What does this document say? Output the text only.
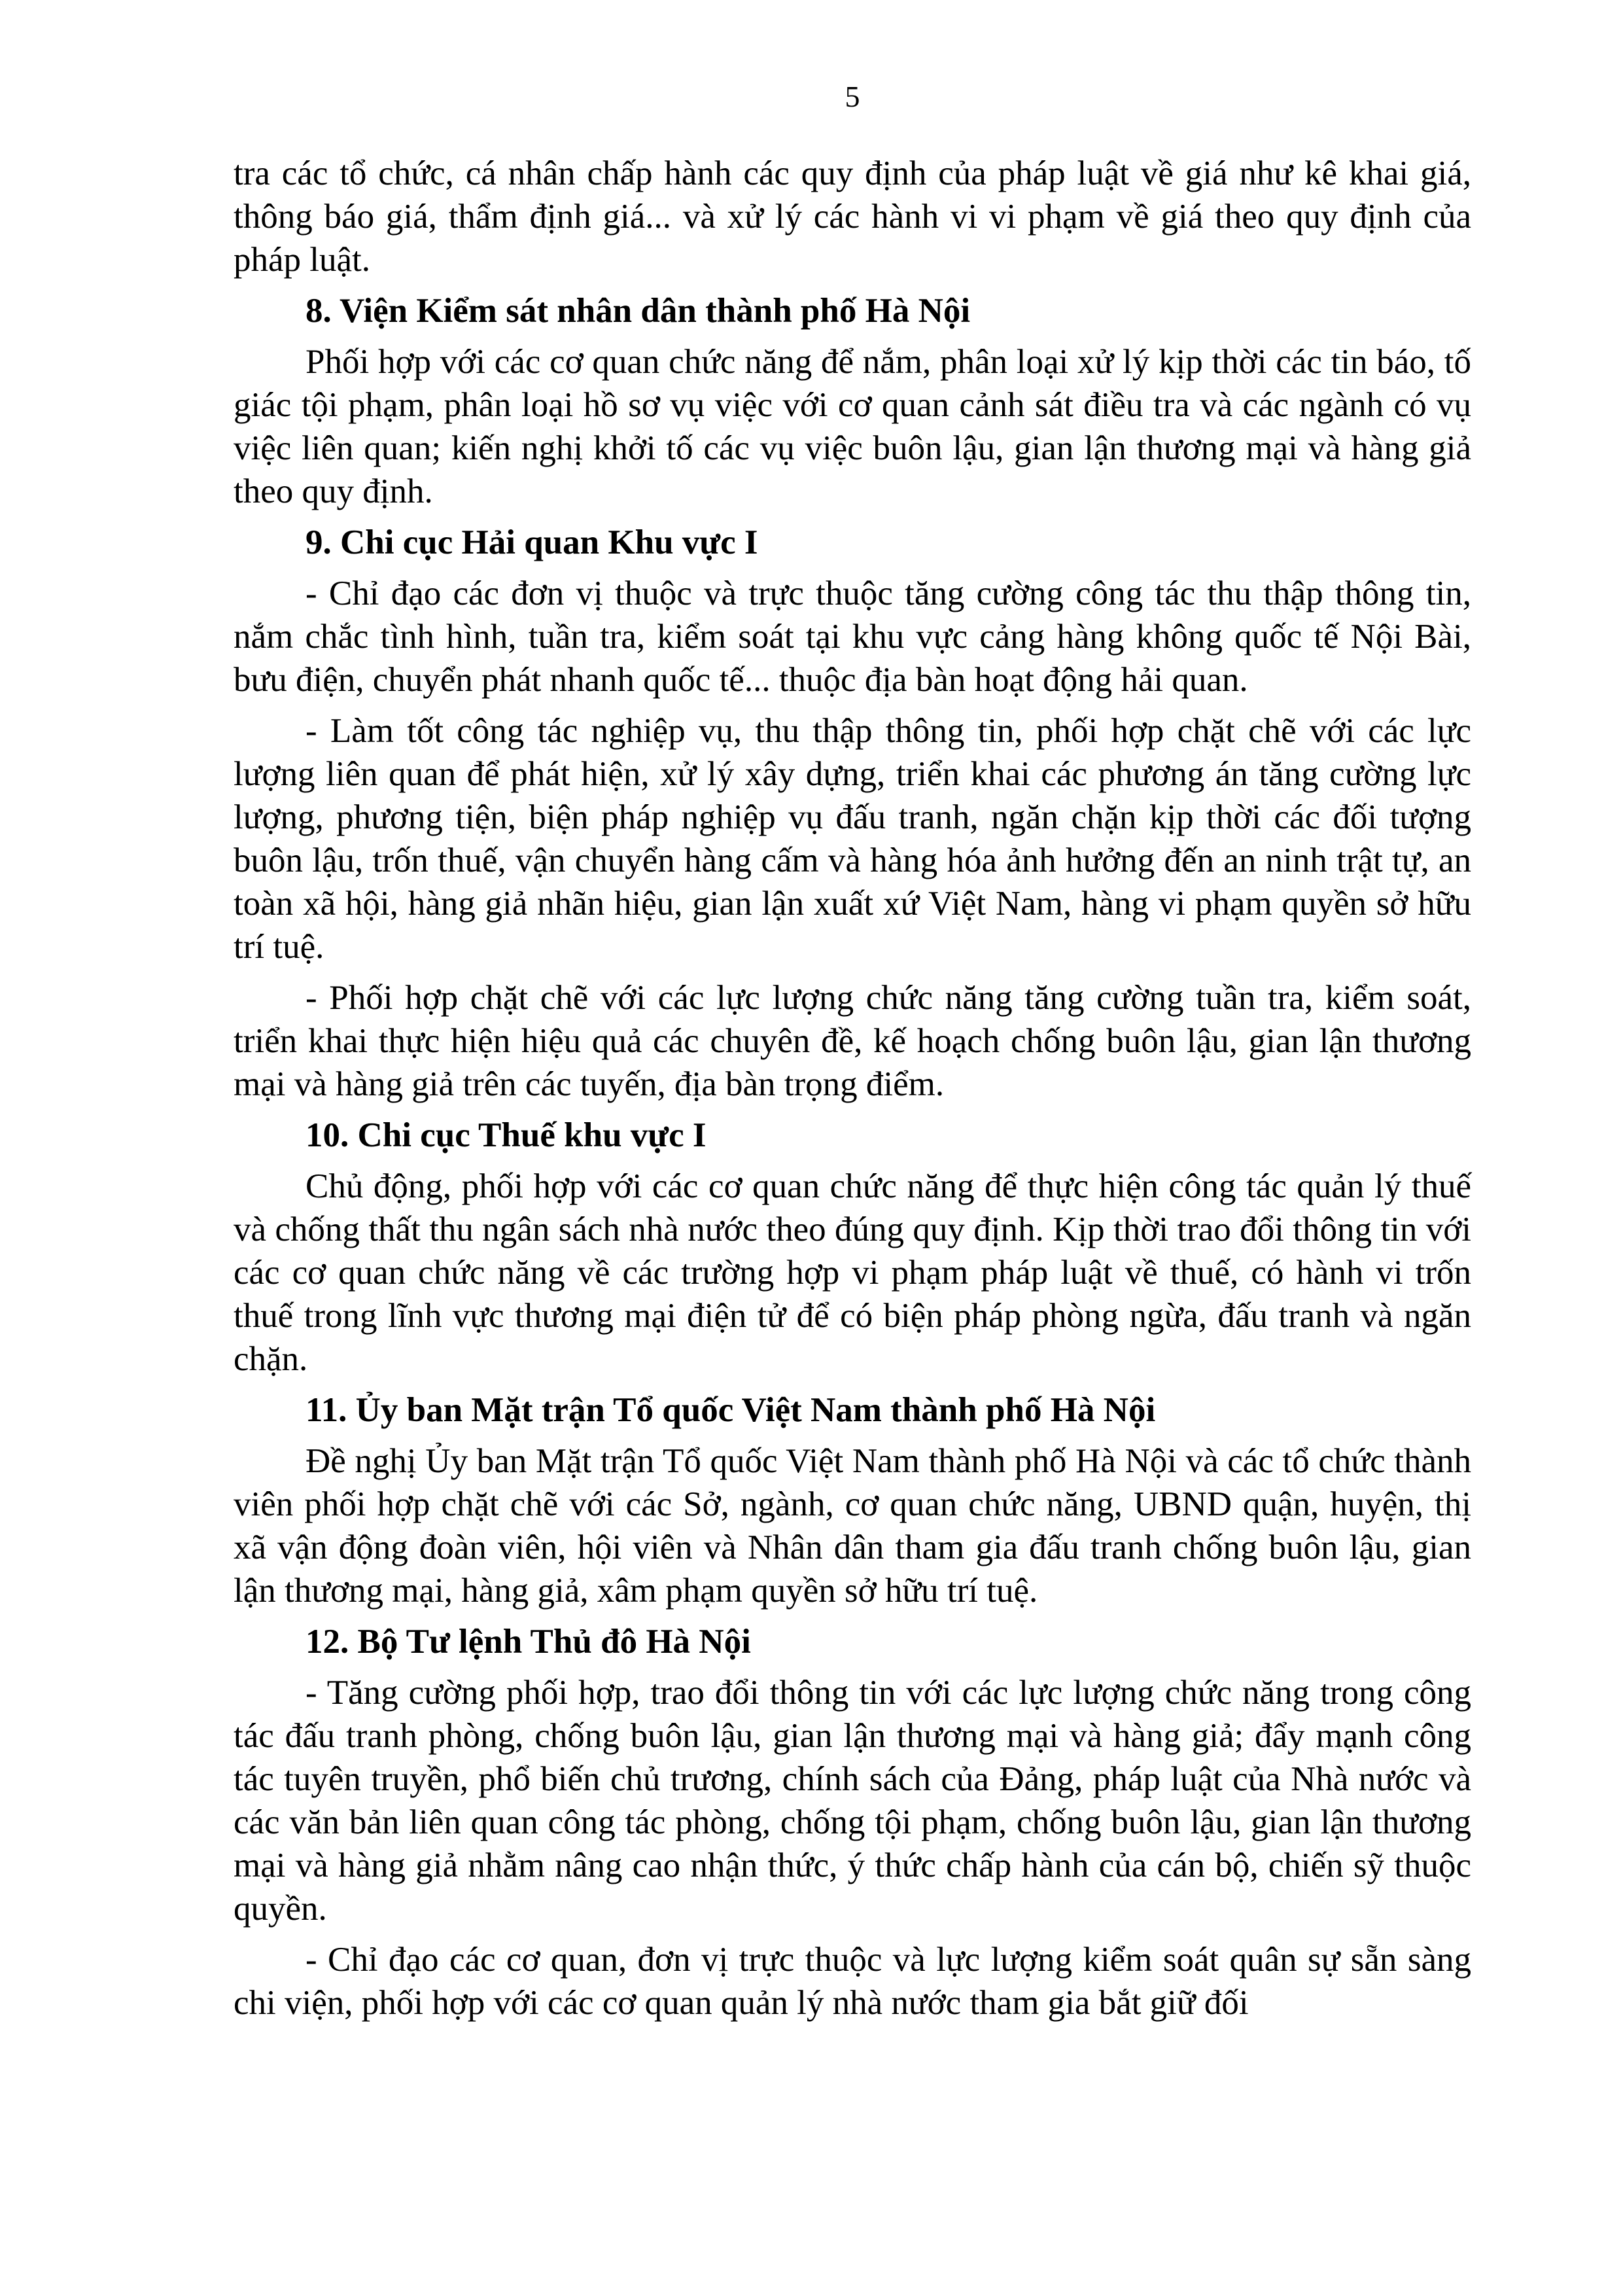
5

tra các tổ chức, cá nhân chấp hành các quy định của pháp luật về giá như kê khai giá, thông báo giá, thẩm định giá... và xử lý các hành vi vi phạm về giá theo quy định của pháp luật.

8. Viện Kiểm sát nhân dân thành phố Hà Nội

Phối hợp với các cơ quan chức năng để nắm, phân loại xử lý kịp thời các tin báo, tố giác tội phạm, phân loại hồ sơ vụ việc với cơ quan cảnh sát điều tra và các ngành có vụ việc liên quan; kiến nghị khởi tố các vụ việc buôn lậu, gian lận thương mại và hàng giả theo quy định.

9. Chi cục Hải quan Khu vực I

- Chỉ đạo các đơn vị thuộc và trực thuộc tăng cường công tác thu thập thông tin, nắm chắc tình hình, tuần tra, kiểm soát tại khu vực cảng hàng không quốc tế Nội Bài, bưu điện, chuyển phát nhanh quốc tế... thuộc địa bàn hoạt động hải quan.

- Làm tốt công tác nghiệp vụ, thu thập thông tin, phối hợp chặt chẽ với các lực lượng liên quan để phát hiện, xử lý xây dựng, triển khai các phương án tăng cường lực lượng, phương tiện, biện pháp nghiệp vụ đấu tranh, ngăn chặn kịp thời các đối tượng buôn lậu, trốn thuế, vận chuyển hàng cấm và hàng hóa ảnh hưởng đến an ninh trật tự, an toàn xã hội, hàng giả nhãn hiệu, gian lận xuất xứ Việt Nam, hàng vi phạm quyền sở hữu trí tuệ.

- Phối hợp chặt chẽ với các lực lượng chức năng tăng cường tuần tra, kiểm soát, triển khai thực hiện hiệu quả các chuyên đề, kế hoạch chống buôn lậu, gian lận thương mại và hàng giả trên các tuyến, địa bàn trọng điểm.

10. Chi cục Thuế khu vực I

Chủ động, phối hợp với các cơ quan chức năng để thực hiện công tác quản lý thuế và chống thất thu ngân sách nhà nước theo đúng quy định. Kịp thời trao đổi thông tin với các cơ quan chức năng về các trường hợp vi phạm pháp luật về thuế, có hành vi trốn thuế trong lĩnh vực thương mại điện tử để có biện pháp phòng ngừa, đấu tranh và ngăn chặn.

11. Ủy ban Mặt trận Tổ quốc Việt Nam thành phố Hà Nội

Đề nghị Ủy ban Mặt trận Tổ quốc Việt Nam thành phố Hà Nội và các tổ chức thành viên phối hợp chặt chẽ với các Sở, ngành, cơ quan chức năng, UBND quận, huyện, thị xã vận động đoàn viên, hội viên và Nhân dân tham gia đấu tranh chống buôn lậu, gian lận thương mại, hàng giả, xâm phạm quyền sở hữu trí tuệ.

12. Bộ Tư lệnh Thủ đô Hà Nội

- Tăng cường phối hợp, trao đổi thông tin với các lực lượng chức năng trong công tác đấu tranh phòng, chống buôn lậu, gian lận thương mại và hàng giả; đẩy mạnh công tác tuyên truyền, phổ biến chủ trương, chính sách của Đảng, pháp luật của Nhà nước và các văn bản liên quan công tác phòng, chống tội phạm, chống buôn lậu, gian lận thương mại và hàng giả nhằm nâng cao nhận thức, ý thức chấp hành của cán bộ, chiến sỹ thuộc quyền.

- Chỉ đạo các cơ quan, đơn vị trực thuộc và lực lượng kiểm soát quân sự sẵn sàng chi viện, phối hợp với các cơ quan quản lý nhà nước tham gia bắt giữ đối
